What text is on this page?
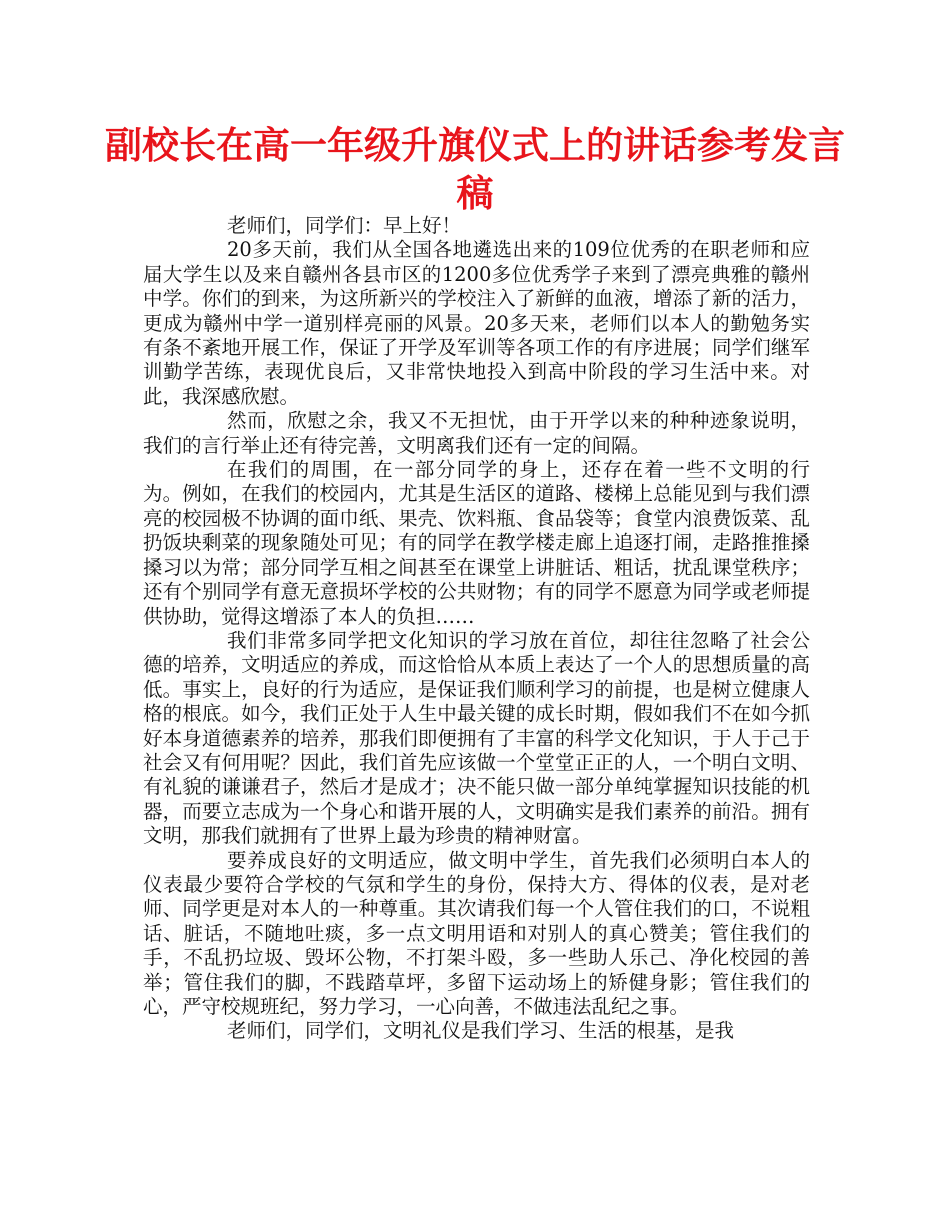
副校长在高一年级升旗仪式上的讲话参考发言稿

老师们，同学们：早上好！

20多天前，我们从全国各地遴选出来的109位优秀的在职老师和应届大学生以及来自赣州各县市区的1200多位优秀学子来到了漂亮典雅的赣州中学。你们的到来，为这所新兴的学校注入了新鲜的血液，增添了新的活力，更成为赣州中学一道别样亮丽的风景。20多天来，老师们以本人的勤勉务实有条不紊地开展工作，保证了开学及军训等各项工作的有序进展；同学们继军训勤学苦练，表现优良后，又非常快地投入到高中阶段的学习生活中来。对此，我深感欣慰。

然而，欣慰之余，我又不无担忧，由于开学以来的种种迹象说明，我们的言行举止还有待完善，文明离我们还有一定的间隔。

在我们的周围，在一部分同学的身上，还存在着一些不文明的行为。例如，在我们的校园内，尤其是生活区的道路、楼梯上总能见到与我们漂亮的校园极不协调的面巾纸、果壳、饮料瓶、食品袋等；食堂内浪费饭菜、乱扔饭块剩菜的现象随处可见；有的同学在教学楼走廊上追逐打闹，走路推推搡搡习以为常；部分同学互相之间甚至在课堂上讲脏话、粗话，扰乱课堂秩序；还有个别同学有意无意损坏学校的公共财物；有的同学不愿意为同学或老师提供协助，觉得这增添了本人的负担……

我们非常多同学把文化知识的学习放在首位，却往往忽略了社会公德的培养，文明适应的养成，而这恰恰从本质上表达了一个人的思想质量的高低。事实上，良好的行为适应，是保证我们顺利学习的前提，也是树立健康人格的根底。如今，我们正处于人生中最关键的成长时期，假如我们不在如今抓好本身道德素养的培养，那我们即便拥有了丰富的科学文化知识，于人于己于社会又有何用呢？因此，我们首先应该做一个堂堂正正的人，一个明白文明、有礼貌的谦谦君子，然后才是成才；决不能只做一部分单纯掌握知识技能的机器，而要立志成为一个身心和谐开展的人，文明确实是我们素养的前沿。拥有文明，那我们就拥有了世界上最为珍贵的精神财富。

要养成良好的文明适应，做文明中学生，首先我们必须明白本人的仪表最少要符合学校的气氛和学生的身份，保持大方、得体的仪表，是对老师、同学更是对本人的一种尊重。其次请我们每一个人管住我们的口，不说粗话、脏话，不随地吐痰，多一点文明用语和对别人的真心赞美；管住我们的手，不乱扔垃圾、毁坏公物，不打架斗殴，多一些助人乐己、净化校园的善举；管住我们的脚，不践踏草坪，多留下运动场上的矫健身影；管住我们的心，严守校规班纪，努力学习，一心向善，不做违法乱纪之事。

老师们，同学们，文明礼仪是我们学习、生活的根基，是我
